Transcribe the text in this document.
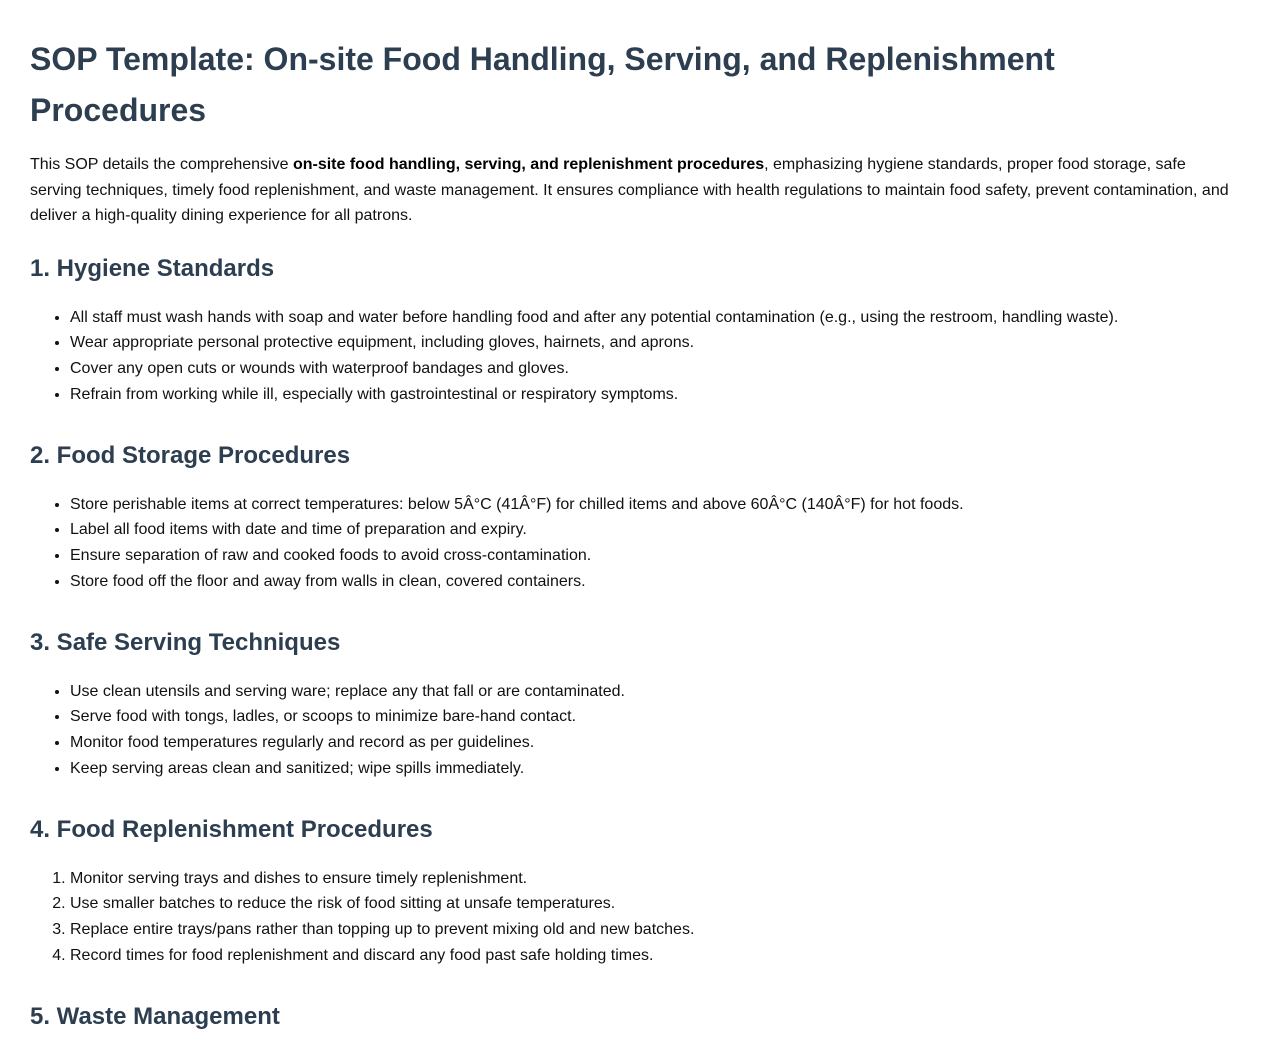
SOP Template: On-site Food Handling, Serving, and Replenishment Procedures

This SOP details the comprehensive on-site food handling, serving, and replenishment procedures, emphasizing hygiene standards, proper food storage, safe serving techniques, timely food replenishment, and waste management. It ensures compliance with health regulations to maintain food safety, prevent contamination, and deliver a high-quality dining experience for all patrons.

1. Hygiene Standards
• All staff must wash hands with soap and water before handling food and after any potential contamination (e.g., using the restroom, handling waste).
• Wear appropriate personal protective equipment, including gloves, hairnets, and aprons.
• Cover any open cuts or wounds with waterproof bandages and gloves.
• Refrain from working while ill, especially with gastrointestinal or respiratory symptoms.
2. Food Storage Procedures
• Store perishable items at correct temperatures: below 5Â°C (41Â°F) for chilled items and above 60Â°C (140Â°F) for hot foods.
• Label all food items with date and time of preparation and expiry.
• Ensure separation of raw and cooked foods to avoid cross-contamination.
• Store food off the floor and away from walls in clean, covered containers.
3. Safe Serving Techniques
• Use clean utensils and serving ware; replace any that fall or are contaminated.
• Serve food with tongs, ladles, or scoops to minimize bare-hand contact.
• Monitor food temperatures regularly and record as per guidelines.
• Keep serving areas clean and sanitized; wipe spills immediately.
4. Food Replenishment Procedures
1. Monitor serving trays and dishes to ensure timely replenishment.
2. Use smaller batches to reduce the risk of food sitting at unsafe temperatures.
3. Replace entire trays/pans rather than topping up to prevent mixing old and new batches.
4. Record times for food replenishment and discard any food past safe holding times.
5. Waste Management
